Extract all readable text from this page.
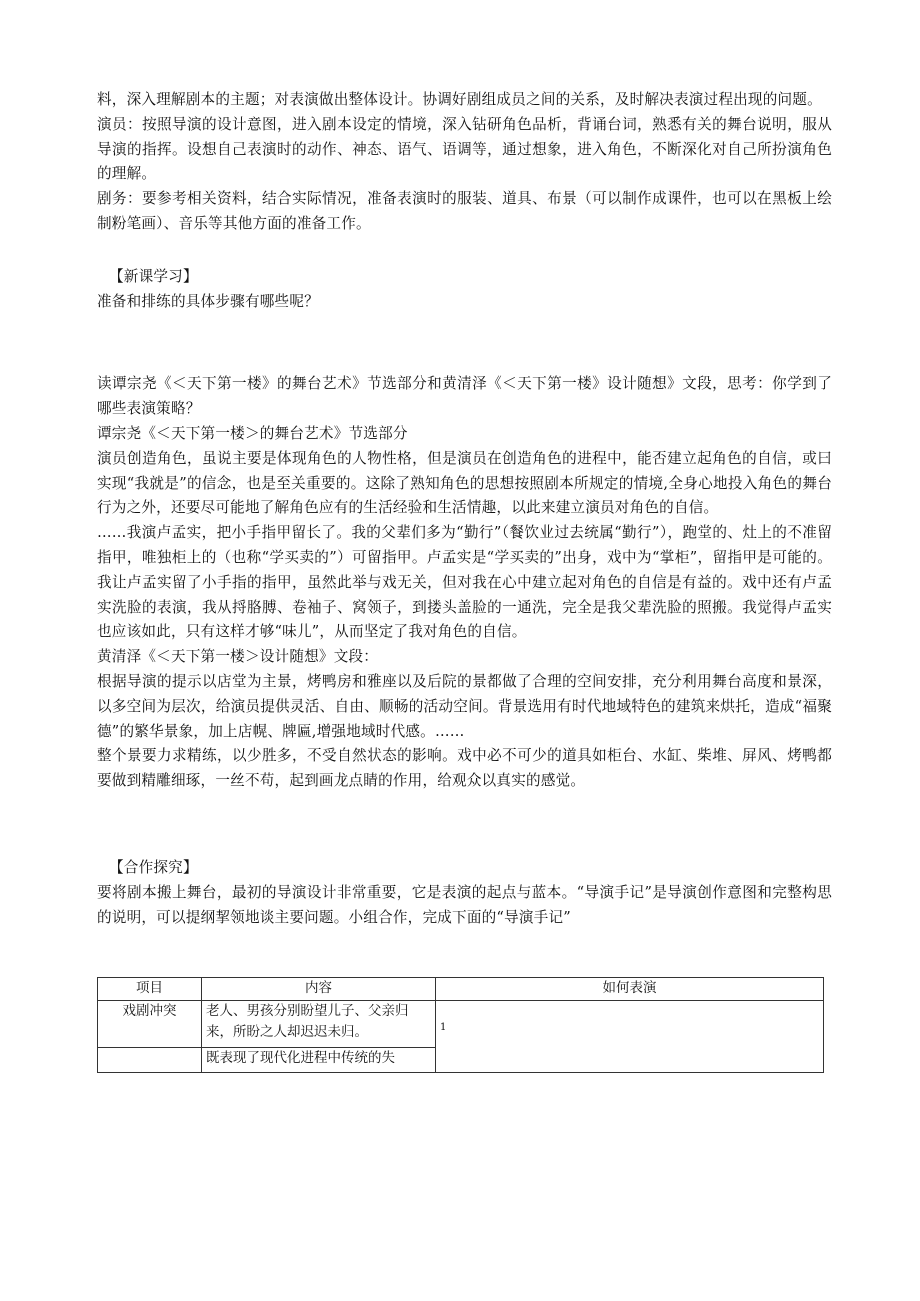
料，深入理解剧本的主题；对表演做出整体设计。协调好剧组成员之间的关系，及时解决表演过程出现的问题。

演员：按照导演的设计意图，进入剧本设定的情境，深入钻研角色品析，背诵台词，熟悉有关的舞台说明，服从导演的指挥。设想自己表演时的动作、神态、语气、语调等，通过想象，进入角色，不断深化对自己所扮演角色的理解。

剧务：要参考相关资料，结合实际情况，准备表演时的服装、道具、布景（可以制作成课件，也可以在黑板上绘制粉笔画）、音乐等其他方面的准备工作。

【新课学习】

准备和排练的具体步骤有哪些呢？

读谭宗尧《＜天下第一楼》的舞台艺术》节选部分和黄清泽《＜天下第一楼》设计随想》文段，思考：你学到了哪些表演策略？

谭宗尧《＜天下第一楼＞的舞台艺术》节选部分

演员创造角色，虽说主要是体现角色的人物性格，但是演员在创造角色的进程中，能否建立起角色的自信，或曰实现“我就是”的信念，也是至关重要的。这除了熟知角色的思想按照剧本所规定的情境,全身心地投入角色的舞台行为之外，还要尽可能地了解角色应有的生活经验和生活情趣，以此来建立演员对角色的自信。

……我演卢孟实，把小手指甲留长了。我的父辈们多为“勤行”（餐饮业过去统属“勤行”），跑堂的、灶上的不准留指甲，唯独柜上的（也称“学买卖的”）可留指甲。卢孟实是“学买卖的”出身，戏中为“掌柜”，留指甲是可能的。我让卢孟实留了小手指的指甲，虽然此举与戏无关，但对我在心中建立起对角色的自信是有益的。戏中还有卢孟实洗脸的表演，我从捋胳膊、卷袖子、窝领子，到搂头盖脸的一通洗，完全是我父辈洗脸的照搬。我觉得卢孟实也应该如此，只有这样才够“味儿”，从而坚定了我对角色的自信。

黄清泽《＜天下第一楼＞设计随想》文段：

根据导演的提示以店堂为主景，烤鸭房和雅座以及后院的景都做了合理的空间安排，充分利用舞台高度和景深，以多空间为层次，给演员提供灵活、自由、顺畅的活动空间。背景选用有时代地域特色的建筑来烘托，造成“福聚德”的繁华景象，加上店幌、牌匾,增强地域时代感。……

整个景要力求精练，以少胜多，不受自然状态的影响。戏中必不可少的道具如柜台、水缸、柴堆、屏风、烤鸭都要做到精雕细琢，一丝不苟，起到画龙点睛的作用，给观众以真实的感觉。

【合作探究】

要将剧本搬上舞台，最初的导演设计非常重要，它是表演的起点与蓝本。“导演手记”是导演创作意图和完整构思的说明，可以提纲挈领地谈主要问题。小组合作，完成下面的“导演手记”

项目	内容	如何表演
戏剧冲突	老人、男孩分别盼望儿子、父亲归来，所盼之人却迟迟未归。	1
	既表现了现代化进程中传统的失	
